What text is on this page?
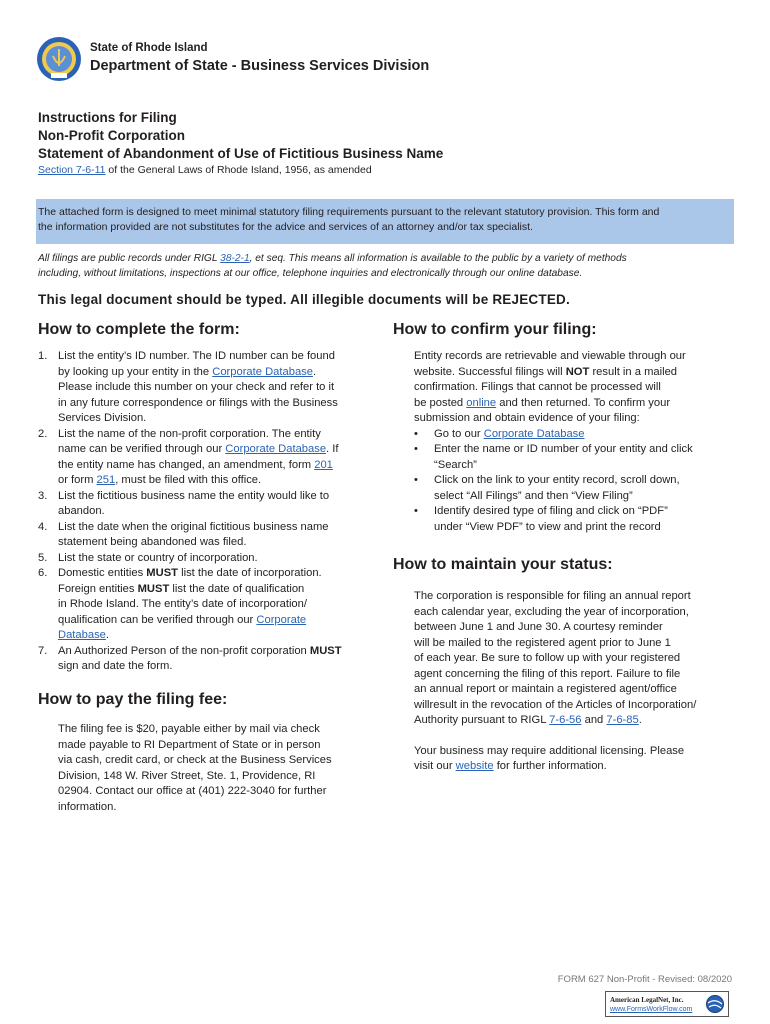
State of Rhode Island
Department of State - Business Services Division
Instructions for Filing
Non-Profit Corporation
Statement of Abandonment of Use of Fictitious Business Name
Section 7-6-11 of the General Laws of Rhode Island, 1956, as amended
The attached form is designed to meet minimal statutory filing requirements pursuant to the relevant statutory provision. This form and
the information provided are not substitutes for the advice and services of an attorney and/or tax specialist.
All filings are public records under RIGL 38-2-1, et seq. This means all information is available to the public by a variety of methods
including, without limitations, inspections at our office, telephone inquiries and electronically through our online database.
This legal document should be typed. All illegible documents will be REJECTED.
How to complete the form:
1. List the entity’s ID number. The ID number can be found
by looking up your entity in the Corporate Database.
Please include this number on your check and refer to it
in any future correspondence or filings with the Business
Services Division.
2. List the name of the non-profit corporation. The entity
name can be verified through our Corporate Database. If
the entity name has changed, an amendment, form 201
or form 251, must be filed with this office.
3. List the fictitious business name the entity would like to
abandon.
4. List the date when the original fictitious business name
statement being abandoned was filed.
5. List the state or country of incorporation.
6. Domestic entities MUST list the date of incorporation.
Foreign entities MUST list the date of qualification
in Rhode Island. The entity’s date of incorporation/
qualification can be verified through our Corporate
Database.
7. An Authorized Person of the non-profit corporation MUST
sign and date the form.
How to pay the filing fee:
The filing fee is $20, payable either by mail via check
made payable to RI Department of State or in person
via cash, credit card, or check at the Business Services
Division, 148 W. River Street, Ste. 1, Providence, RI
02904. Contact our office at (401) 222-3040 for further
information.
How to confirm your filing:
Entity records are retrievable and viewable through our
website. Successful filings will NOT result in a mailed
confirmation. Filings that cannot be processed will
be posted online and then returned. To confirm your
submission and obtain evidence of your filing:
• Go to our Corporate Database
• Enter the name or ID number of your entity and click
“Search”
• Click on the link to your entity record, scroll down,
select “All Filings” and then “View Filing”
• Identify desired type of filing and click on “PDF”
under “View PDF” to view and print the record
How to maintain your status:
The corporation is responsible for filing an annual report
each calendar year, excluding the year of incorporation,
between June 1 and June 30. A courtesy reminder
will be mailed to the registered agent prior to June 1
of each year. Be sure to follow up with your registered
agent concerning the filing of this report. Failure to file
an annual report or maintain a registered agent/office
willresult in the revocation of the Articles of Incorporation/
Authority pursuant to RIGL 7-6-56 and 7-6-85.
Your business may require additional licensing. Please
visit our website for further information.
FORM 627 Non-Profit - Revised: 08/2020
American LegalNet, Inc.
www.FormsWorkFlow.com
